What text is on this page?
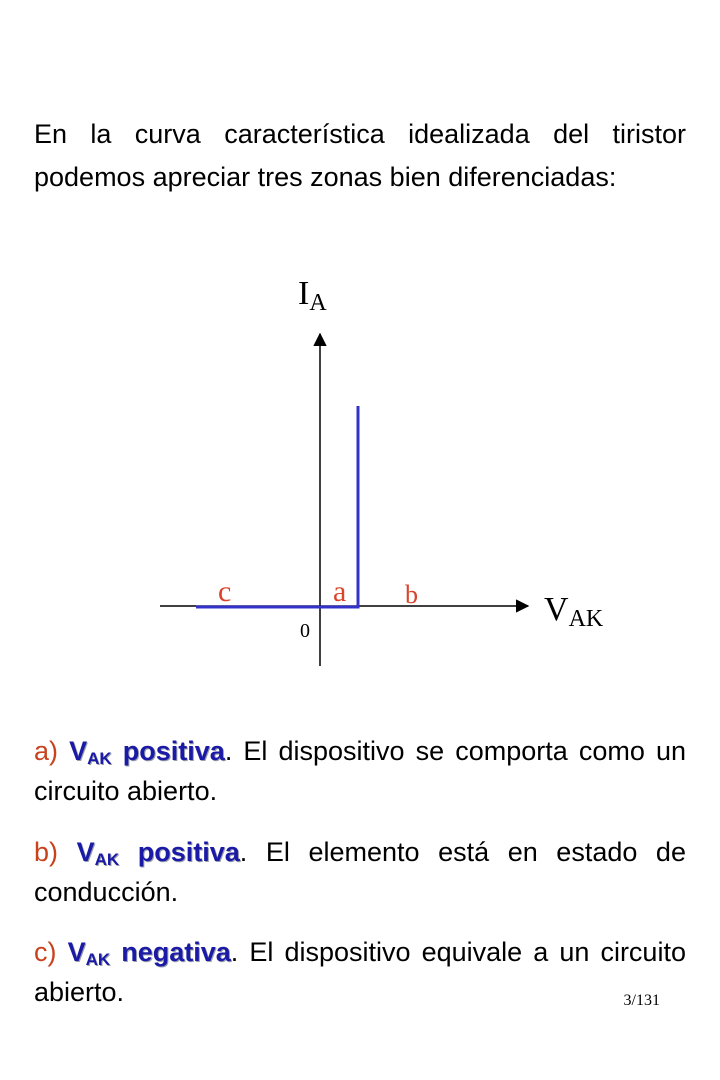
En la curva característica idealizada del tiristor podemos apreciar tres zonas bien diferenciadas:

IA
VAK
0
c	a b

a) $V_{AK}$ positiva. El dispositivo se comporta como un circuito abierto.

b) $V_{AK}$ positiva. El elemento está en estado de conducción.

c) $V_{AK}$ negativa. El dispositivo equivale a un circuito abierto.	3/131
